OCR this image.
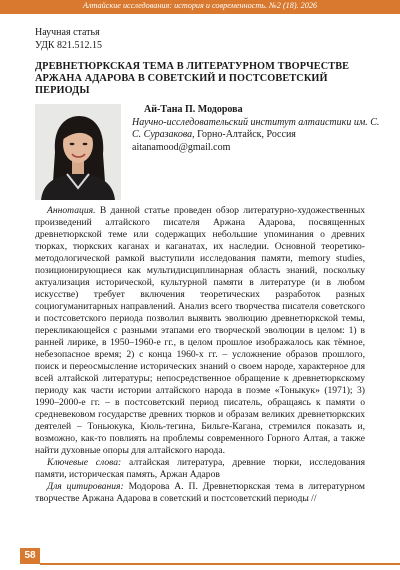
Алтайские исследования: история и современность. №2 (18). 2026
Научная статья
УДК 821.512.15
ДРЕВНЕТЮРКСКАЯ ТЕМА В ЛИТЕРАТУРНОМ ТВОРЧЕСТВЕ АРЖАНА АДАРОВА В СОВЕТСКИЙ И ПОСТСОВЕТСКИЙ ПЕРИОДЫ
Ай-Тана П. Модорова
Научно-исследовательский институт алтаистики им. С. С. Суразакова, Горно-Алтайск, Россия
aitanamood@gmail.com

Аннотация. В данной статье проведен обзор литературно-художественных произведений алтайского писателя Аржана Адарова, посвященных древнетюркской теме или содержащих небольшие упоминания о древних тюрках, тюркских каганах и каганатах, их наследии. Основной теоретико-методологической рамкой выступили исследования памяти, memory studies, позиционирующиеся как мультидисциплинарная область знаний, поскольку актуализация исторической, культурной памяти в литературе (и в любом искусстве) требует включения теоретических разработок разных социогуманитарных направлений. Анализ всего творчества писателя советского и постсоветского периода позволил выявить эволюцию древнетюркской темы, перекликающейся с разными этапами его творческой эволюции в целом: 1) в ранней лирике, в 1950–1960-е гг., в целом прошлое изображалось как тёмное, небезопасное время; 2) с конца 1960-х гг. – усложнение образов прошлого, поиск и переосмысление исторических знаний о своем народе, характерное для всей алтайской литературы; непосредственное обращение к древнетюркскому периоду как части истории алтайского народа в поэме «Тоныкук» (1971); 3) 1990–2000-е гг. – в постсоветский период писатель, обращаясь к памяти о средневековом государстве древних тюрков и образам великих древнетюркских деятелей – Тоньюкука, Кюль-тегина, Бильге-Кагана, стремился показать и, возможно, как-то повлиять на проблемы современного Горного Алтая, а также найти духовные опоры для алтайского народа.

Ключевые слова: алтайская литература, древние тюрки, исследования памяти, историческая память, Аржан Адаров

Для цитирования: Модорова А. П. Древнетюркская тема в литературном творчестве Аржана Адарова в советский и постсоветский периоды //

58
